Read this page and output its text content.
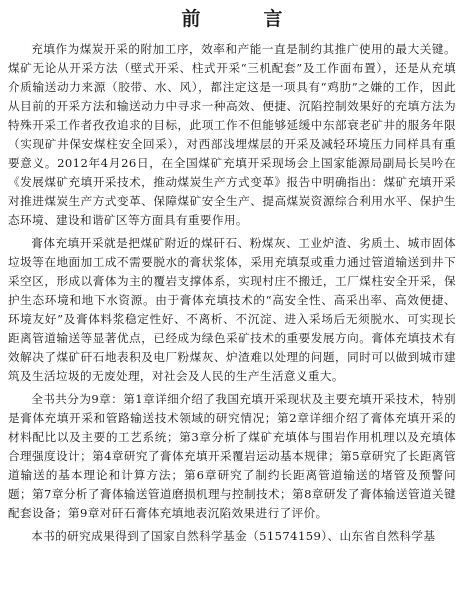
前　言

充填作为煤炭开采的附加工序，效率和产能一直是制约其推广使用的最大关键。煤矿无论从开采方法（壁式开采、柱式开采“三机配套”及工作面布置），还是从充填介质输送动力来源（胶带、水、风），都注定这是一项具有“鸡肋”之嫌的工作，因此从目前的开采方法和输送动力中寻求一种高效、便捷、沉陷控制效果好的充填方法为特殊开采工作者孜孜追求的目标，此项工作不但能够延缓中东部衰老矿井的服务年限（实现矿井保安煤柱安全回采），对西部浅埋煤层的开采及减轻环境压力同样具有重要意义。2012年4月26日，在全国煤矿充填开采现场会上国家能源局副局长吴吟在《发展煤矿充填开采技术，推动煤炭生产方式变革》报告中明确指出：煤矿充填开采对推进煤炭生产方式变革、保障煤矿安全生产、提高煤炭资源综合利用水平、保护生态环境、建设和谐矿区等方面具有重要作用。

膏体充填开采就是把煤矿附近的煤矸石、粉煤灰、工业炉渣、劣质土、城市固体垃圾等在地面加工成不需要脱水的膏状浆体，采用充填泵或重力通过管道输送到井下采空区，形成以膏体为主的覆岩支撑体系，实现村庄不搬迁，工厂煤柱安全开采，保护生态环境和地下水资源。由于膏体充填技术的“高安全性、高采出率、高效便捷、环境友好”及膏体料浆稳定性好、不离析、不沉淀、进入采场后无须脱水、可实现长距离管道输送等显著优点，已经成为绿色采矿技术的重要发展方向。膏体充填技术有效解决了煤矿矸石地表积及电厂粉煤灰、炉渣难以处理的问题，同时可以做到城市建筑及生活垃圾的无废处理，对社会及人民的生产生活意义重大。

全书共分为9章：第1章详细介绍了我国充填开采现状及主要充填开采技术，特别是膏体充填开采和管路输送技术领域的研究情况；第2章详细介绍了膏体充填开采的材料配比以及主要的工艺系统；第3章分析了煤矿充填体与围岩作用机理以及充填体合理强度设计；第4章研究了膏体充填开采覆岩运动基本规律；第5章研究了长距离管道输送的基本理论和计算方法；第6章研究了制约长距离管道输送的堵管及预警问题；第7章分析了膏体输送管道磨损机理与控制技术；第8章研发了膏体输送管道关键配套设备；第9章对矸石膏体充填地表沉陷效果进行了评价。

本书的研究成果得到了国家自然科学基金（51574159）、山东省自然科学基
